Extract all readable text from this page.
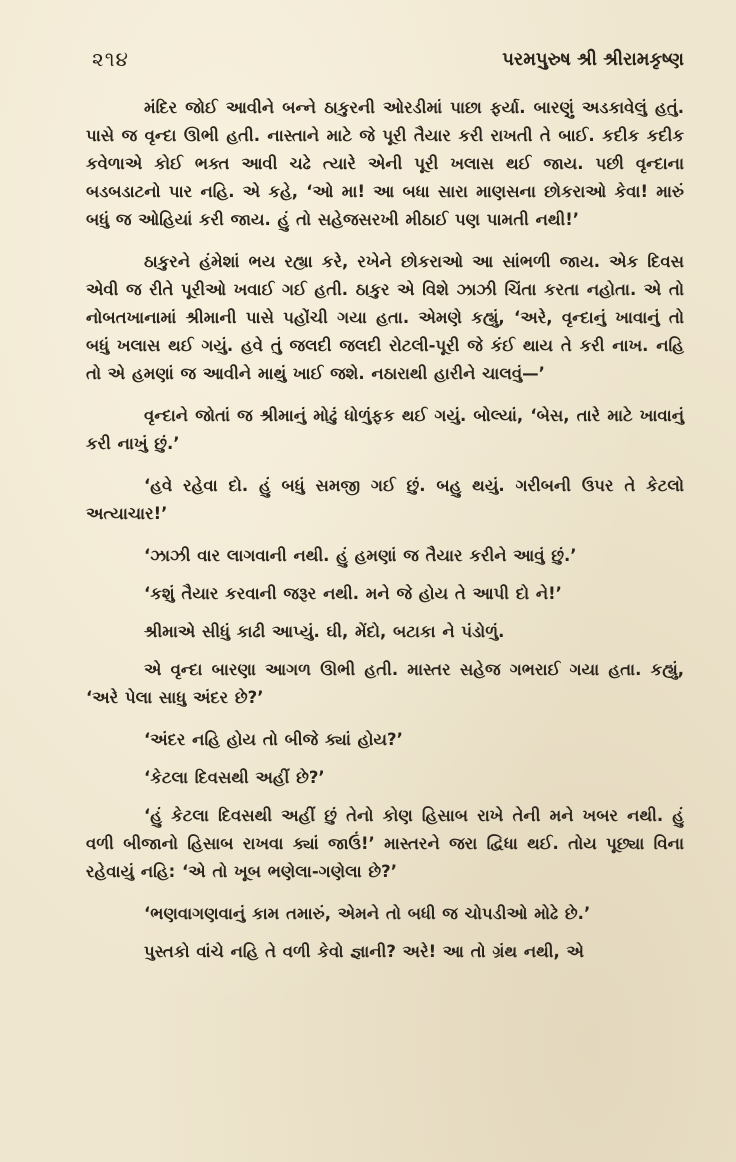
૨૧૪	પરમપુરુષ શ્રી શ્રીરામકૃષ્ણ

મંદિર જોઈ આવીને બન્ને ઠાકુરની ઓરડીમાં પાછા ફર્યા. બારણું અડકાવેલું હતું. પાસે જ વૃન્દા ઊભી હતી. નાસ્તાને માટે જે પૂરી તૈયાર કરી રાખતી તે બાઈ. કદીક કદીક કવેળાએ કોઈ ભક્ત આવી ચઢે ત્યારે એની પૂરી ખલાસ થઈ જાય. પછી વૃન્દાના બડબડાટનો પાર નહિ. એ કહે, ‘ઓ મા! આ બધા સારા માણસના છોકરાઓ કેવા! મારું બધું જ ઓહિયાં કરી જાય. હું તો સહેજસરખી મીઠાઈ પણ પામતી નથી!’

ઠાકુરને હંમેશાં ભય રહ્યા કરે, રખેને છોકરાઓ આ સાંભળી જાય. એક દિવસ એવી જ રીતે પૂરીઓ ખવાઈ ગઈ હતી. ઠાકુર એ વિશે ઝાઝી ચિંતા કરતા નહોતા. એ તો નોબતખાનામાં શ્રીમાની પાસે પહોંચી ગયા હતા. એમણે કહ્યું, ‘અરે, વૃન્દાનું ખાવાનું તો બધું ખલાસ થઈ ગયું. હવે તું જલદી જલદી રોટલી-પૂરી જે કંઈ થાય તે કરી નાખ. નહિ તો એ હમણાં જ આવીને માથું ખાઈ જશે. નઠારાથી હારીને ચાલવું—’

વૃન્દાને જોતાં જ શ્રીમાનું મોઢું ધોળુંફક થઈ ગયું. બોલ્યાં, ‘બેસ, તારે માટે ખાવાનું કરી નાખું છું.’

‘હવે રહેવા દો. હું બધું સમજી ગઈ છું. બહુ થયું. ગરીબની ઉપર તે કેટલો અત્યાચાર!’

‘ઝાઝી વાર લાગવાની નથી. હું હમણાં જ તૈયાર કરીને આવું છું.’

‘કશું તૈયાર કરવાની જરૂર નથી. મને જે હોય તે આપી દો ને!’

શ્રીમાએ સીધું કાઢી આપ્યું. ઘી, મેંદો, બટાકા ને પંડોળું.

એ વૃન્દા બારણા આગળ ઊભી હતી. માસ્તર સહેજ ગભરાઈ ગયા હતા. કહ્યું, ‘અરે પેલા સાધુ અંદર છે?’

‘અંદર નહિ હોય તો બીજે ક્યાં હોય?’

‘કેટલા દિવસથી અહીં છે?’

‘હું કેટલા દિવસથી અહીં છું તેનો કોણ હિસાબ રાખે તેની મને ખબર નથી. હું વળી બીજાનો હિસાબ રાખવા ક્યાં જાઉં!’ માસ્તરને જરા દ્વિધા થઈ. તોય પૂછ્યા વિના રહેવાયું નહિ: ‘એ તો ખૂબ ભણેલા-ગણેલા છે?’

‘ભણવાગણવાનું કામ તમારું, એમને તો બધી જ ચોપડીઓ મોઢે છે.’

પુસ્તકો વાંચે નહિ તે વળી કેવો જ્ઞાની? અરે! આ તો ગ્રંથ નથી, એ
